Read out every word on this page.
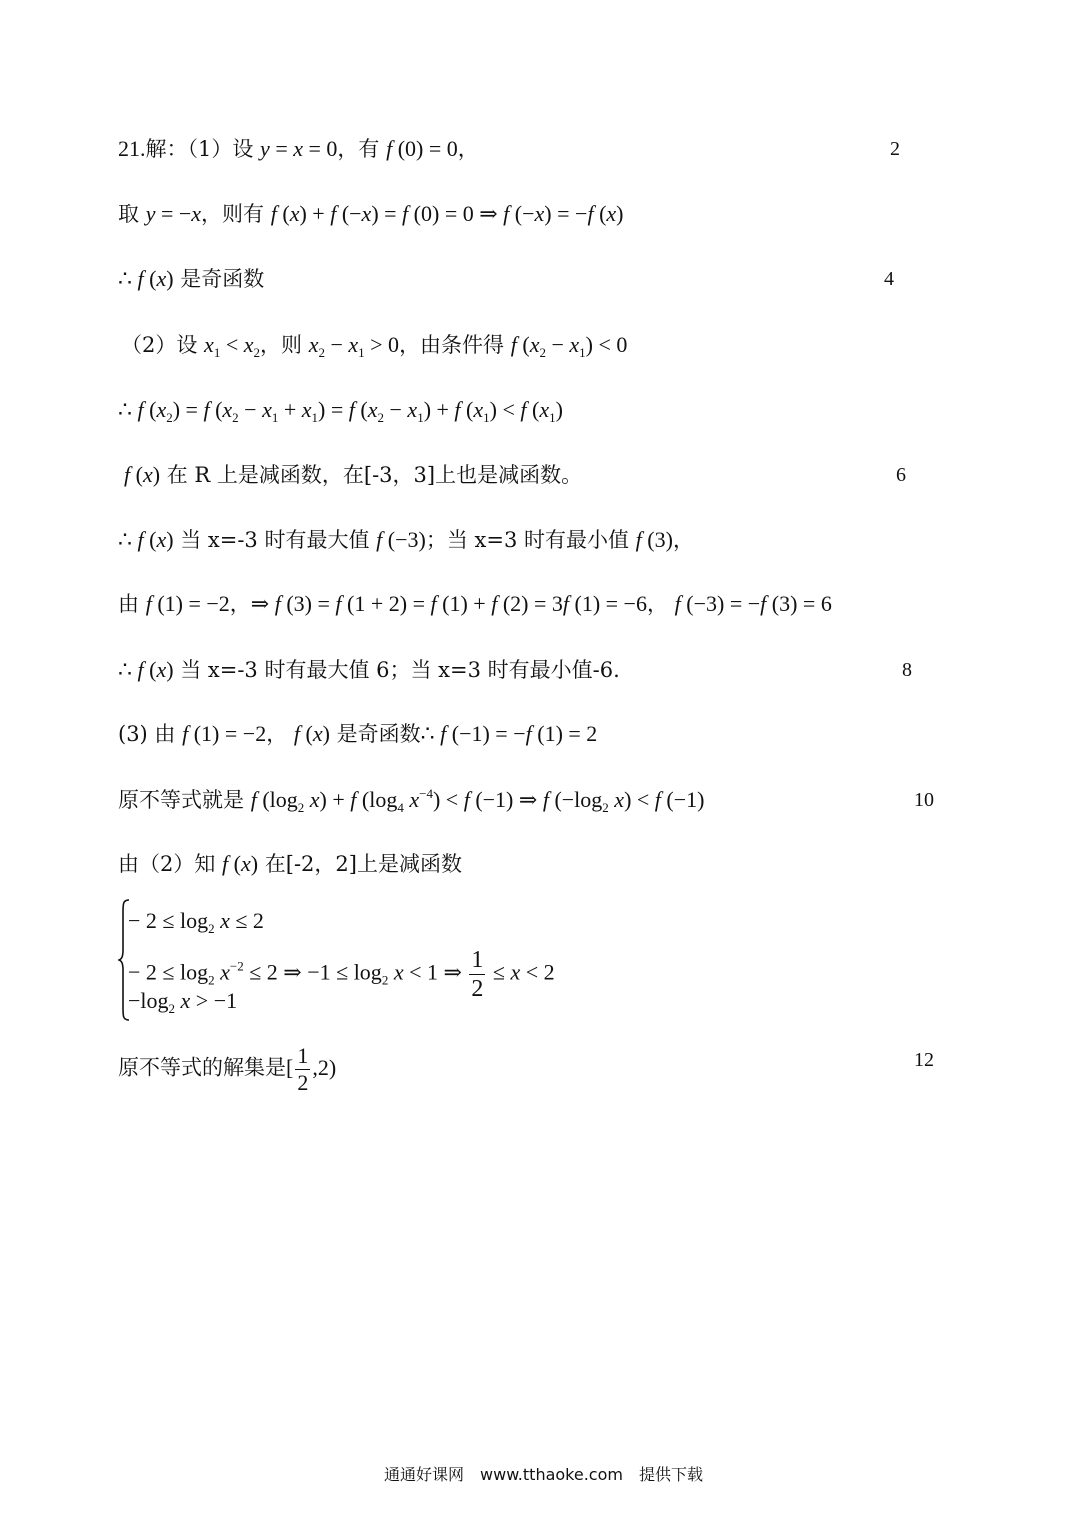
21.解：（1）设 y = x = 0，有 f (0) = 0，	2
取 y = −x，则有 f (x) + f (−x) = f (0) = 0 ⇒ f (−x) = −f (x)
∴ f (x) 是奇函数	4
（2）设 $x_1 < x_2$，则 $x_2 - x_1 > 0$，由条件得 f $(x_2 - x_1) < 0$
∴ f $(x_2) = f$ $(x_2 - x_1 + x_1) = f$ $(x_2 - x_1) + f$ $(x_1) < f$ $(x_1)$
f (x) 在 R 上是减函数，在[-3，3]上也是减函数。	6
∴ f (x) 当 x=-3 时有最大值 f (−3)；当 x=3 时有最小值 f (3)，
由 f (1) = −2，⇒ f (3) = f (1 + 2) = f (1) + f (2) = 3f (1) = −6， f (−3) = −f (3) = 6
∴ f (x) 当 x=-3 时有最大值 6；当 x=3 时有最小值-6.	8
(3) 由 f (1) = −2， f (x) 是奇函数∴ f (−1) = −f (1) = 2
原不等式就是 f ($\log_2$ x) + f ($\log_4$ $x^{-4}) < f$ (−1) ⇒ f ($-\log_2$ x) < f (−1)	10
由（2）知 f (x) 在[-2，2]上是减函数
− $2 \le \log_2 x \le 2$
− $2 \le \log_2 x^{-2} \le 2$ ⇒ $-1 \le \log_2 x < 1$ ⇒ $\frac{1}{2} \le x < 2$
$-\log_2$ x > −1
原不等式的解集是[ $\frac{1}{2} ,2$)	12
通通好课网　www.tthaoke.com　提供下载
